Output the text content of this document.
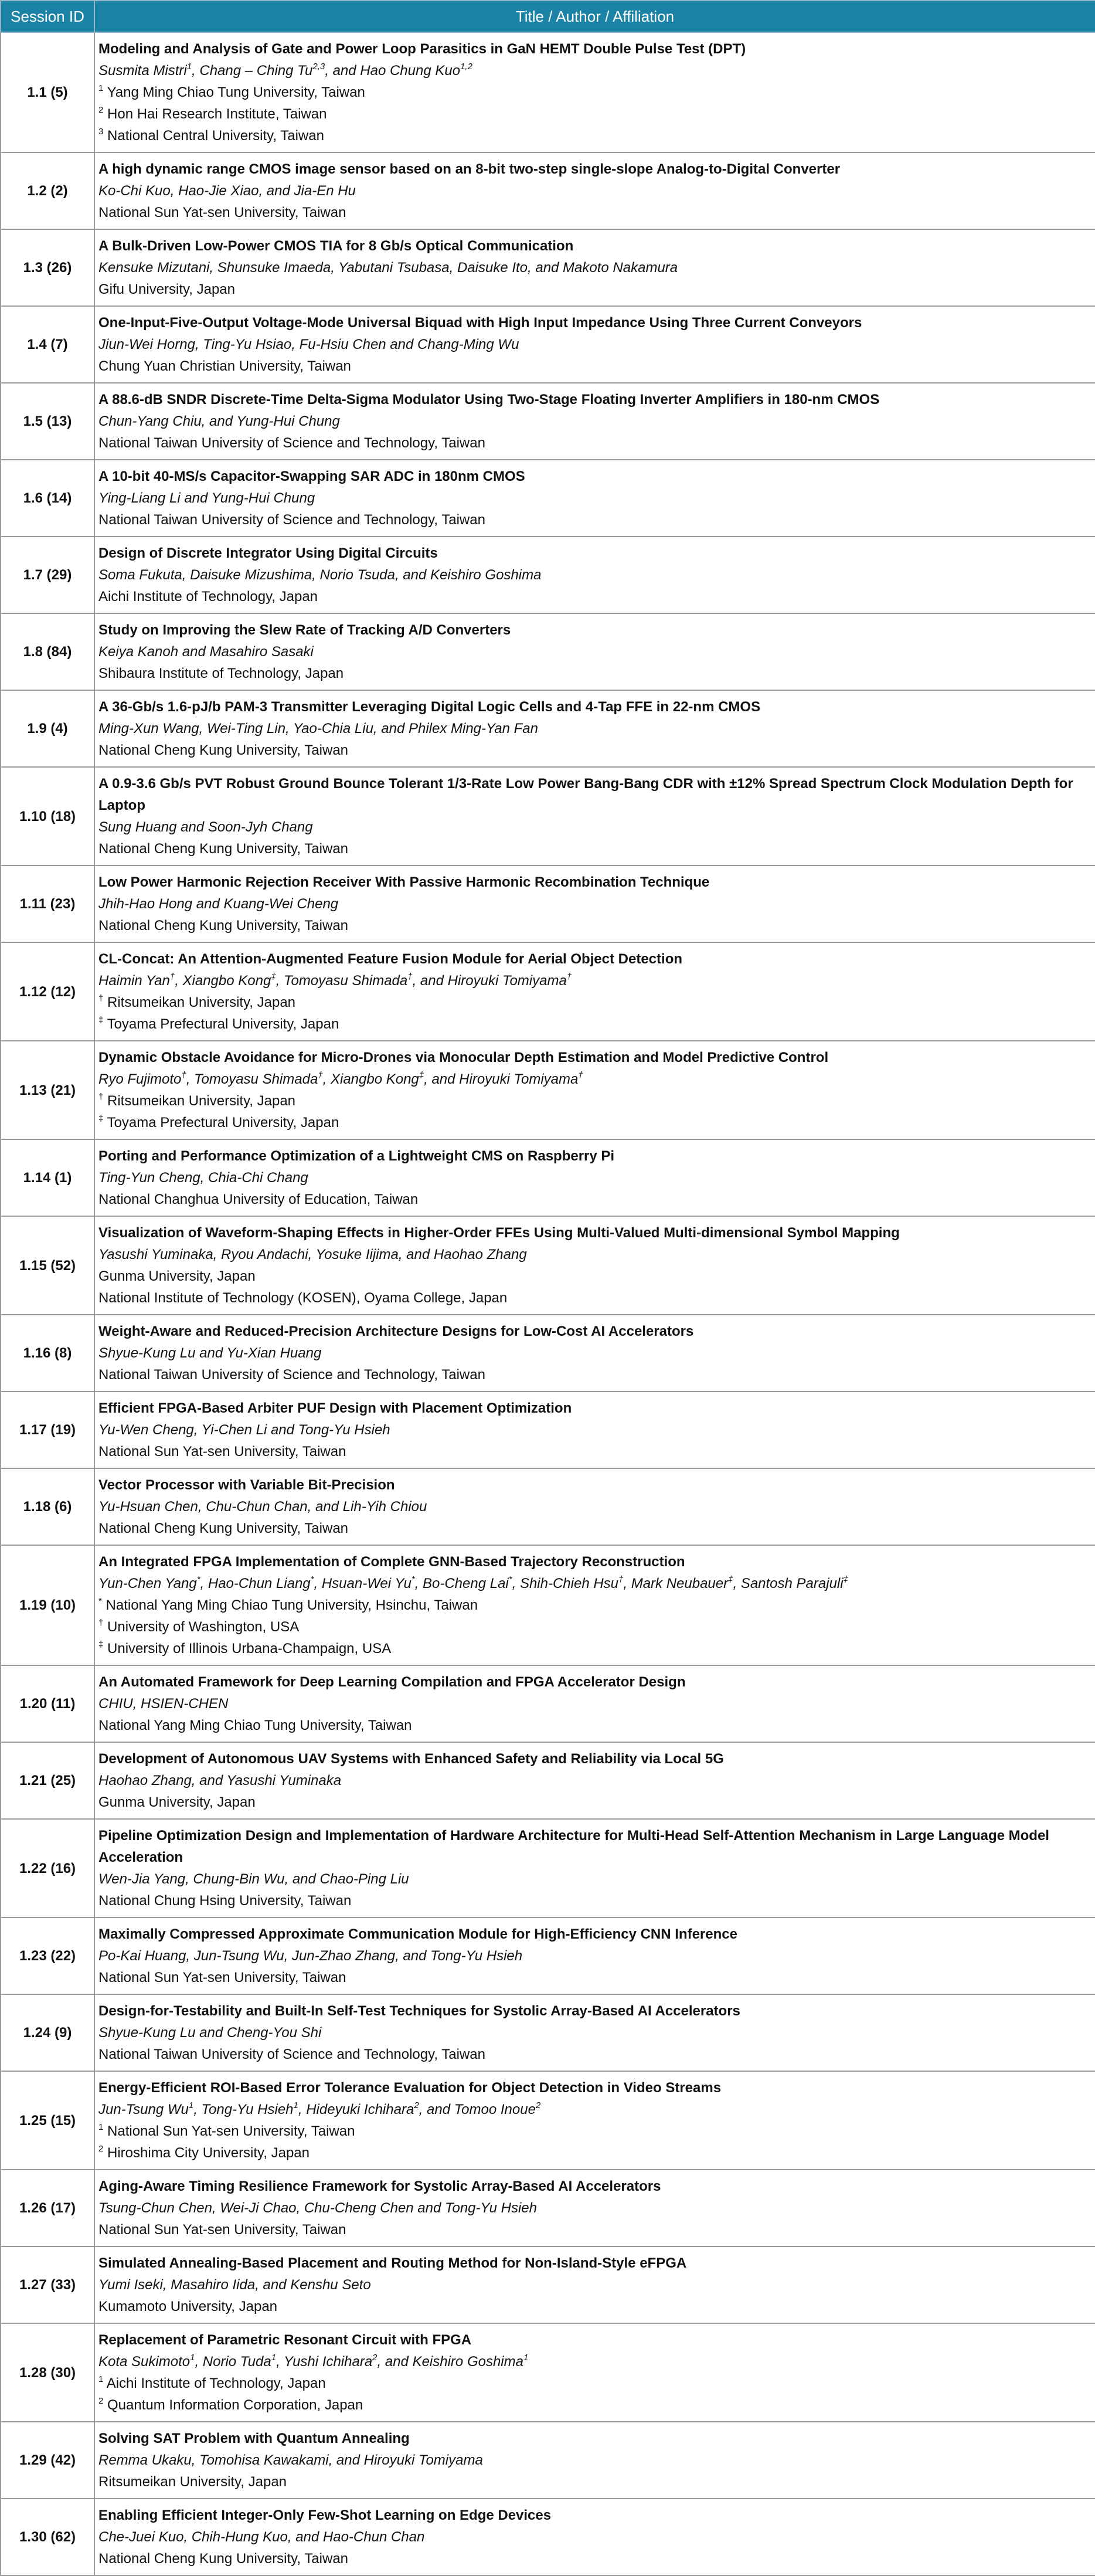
Session ID	Title / Author / Affiliation
1.1 (5)	Modeling and Analysis of Gate and Power Loop Parasitics in GaN HEMT Double Pulse Test (DPT)
Susmita Mistri$^1$, Chang – Ching Tu$^{2,3}$, and Hao Chung Kuo$^{1,2}$
$^1$ Yang Ming Chiao Tung University, Taiwan
$^2$ Hon Hai Research Institute, Taiwan
$^3$ National Central University, Taiwan

1.2 (2)	A high dynamic range CMOS image sensor based on an 8-bit two-step single-slope Analog-to-Digital Converter
Ko-Chi Kuo, Hao-Jie Xiao, and Jia-En Hu
National Sun Yat-sen University, Taiwan

1.3 (26)	A Bulk-Driven Low-Power CMOS TIA for 8 Gb/s Optical Communication
Kensuke Mizutani, Shunsuke Imaeda, Yabutani Tsubasa, Daisuke Ito, and Makoto Nakamura
Gifu University, Japan

1.4 (7)	One-Input-Five-Output Voltage-Mode Universal Biquad with High Input Impedance Using Three Current Conveyors
Jiun-Wei Horng, Ting-Yu Hsiao, Fu-Hsiu Chen and Chang-Ming Wu
Chung Yuan Christian University, Taiwan

1.5 (13)	A 88.6-dB SNDR Discrete-Time Delta-Sigma Modulator Using Two-Stage Floating Inverter Amplifiers in 180-nm CMOS
Chun-Yang Chiu, and Yung-Hui Chung
National Taiwan University of Science and Technology, Taiwan

1.6 (14)	A 10-bit 40-MS/s Capacitor-Swapping SAR ADC in 180nm CMOS
Ying-Liang Li and Yung-Hui Chung
National Taiwan University of Science and Technology, Taiwan

1.7 (29)	Design of Discrete Integrator Using Digital Circuits
Soma Fukuta, Daisuke Mizushima, Norio Tsuda, and Keishiro Goshima
Aichi Institute of Technology, Japan

1.8 (84)	Study on Improving the Slew Rate of Tracking A/D Converters
Keiya Kanoh and Masahiro Sasaki
Shibaura Institute of Technology, Japan

1.9 (4)	A 36-Gb/s 1.6-pJ/b PAM-3 Transmitter Leveraging Digital Logic Cells and 4-Tap FFE in 22-nm CMOS
Ming-Xun Wang, Wei-Ting Lin, Yao-Chia Liu, and Philex Ming-Yan Fan
National Cheng Kung University, Taiwan

1.10 (18)	A 0.9-3.6 Gb/s PVT Robust Ground Bounce Tolerant 1/3-Rate Low Power Bang-Bang CDR with ±12% Spread Spectrum Clock Modulation Depth for Laptop
Sung Huang and Soon-Jyh Chang
National Cheng Kung University, Taiwan

1.11 (23)	Low Power Harmonic Rejection Receiver With Passive Harmonic Recombination Technique
Jhih-Hao Hong and Kuang-Wei Cheng
National Cheng Kung University, Taiwan

1.12 (12)	CL-Concat: An Attention-Augmented Feature Fusion Module for Aerial Object Detection
Haimin Yan†, Xiangbo Kong‡, Tomoyasu Shimada†, and Hiroyuki Tomiyama†
† Ritsumeikan University, Japan
‡ Toyama Prefectural University, Japan

1.13 (21)	Dynamic Obstacle Avoidance for Micro-Drones via Monocular Depth Estimation and Model Predictive Control
Ryo Fujimoto†, Tomoyasu Shimada†, Xiangbo Kong‡, and Hiroyuki Tomiyama†
† Ritsumeikan University, Japan
‡ Toyama Prefectural University, Japan

1.14 (1)	Porting and Performance Optimization of a Lightweight CMS on Raspberry Pi
Ting-Yun Cheng, Chia-Chi Chang
National Changhua University of Education, Taiwan

1.15 (52)	Visualization of Waveform-Shaping Effects in Higher-Order FFEs Using Multi-Valued Multi-dimensional Symbol Mapping
Yasushi Yuminaka, Ryou Andachi, Yosuke Iijima, and Haohao Zhang
Gunma University, Japan
National Institute of Technology (KOSEN), Oyama College, Japan

1.16 (8)	Weight-Aware and Reduced-Precision Architecture Designs for Low-Cost AI Accelerators
Shyue-Kung Lu and Yu-Xian Huang
National Taiwan University of Science and Technology, Taiwan

1.17 (19)	Efficient FPGA-Based Arbiter PUF Design with Placement Optimization
Yu-Wen Cheng, Yi-Chen Li and Tong-Yu Hsieh
National Sun Yat-sen University, Taiwan

1.18 (6)	Vector Processor with Variable Bit-Precision
Yu-Hsuan Chen, Chu-Chun Chan, and Lih-Yih Chiou
National Cheng Kung University, Taiwan

1.19 (10)	An Integrated FPGA Implementation of Complete GNN-Based Trajectory Reconstruction
Yun-Chen Yang*, Hao-Chun Liang*, Hsuan-Wei Yu*, Bo-Cheng Lai*, Shih-Chieh Hsu†, Mark Neubauer‡, Santosh Parajuli‡
* National Yang Ming Chiao Tung University, Hsinchu, Taiwan
† University of Washington, USA
‡ University of Illinois Urbana-Champaign, USA

1.20 (11)	An Automated Framework for Deep Learning Compilation and FPGA Accelerator Design
CHIU, HSIEN-CHEN
National Yang Ming Chiao Tung University, Taiwan

1.21 (25)	Development of Autonomous UAV Systems with Enhanced Safety and Reliability via Local 5G
Haohao Zhang, and Yasushi Yuminaka
Gunma University, Japan

1.22 (16)	Pipeline Optimization Design and Implementation of Hardware Architecture for Multi-Head Self-Attention Mechanism in Large Language Model Acceleration
Wen-Jia Yang, Chung-Bin Wu, and Chao-Ping Liu
National Chung Hsing University, Taiwan

1.23 (22)	Maximally Compressed Approximate Communication Module for High-Efficiency CNN Inference
Po-Kai Huang, Jun-Tsung Wu, Jun-Zhao Zhang, and Tong-Yu Hsieh
National Sun Yat-sen University, Taiwan

1.24 (9)	Design-for-Testability and Built-In Self-Test Techniques for Systolic Array-Based AI Accelerators
Shyue-Kung Lu and Cheng-You Shi
National Taiwan University of Science and Technology, Taiwan

1.25 (15)	Energy-Efficient ROI-Based Error Tolerance Evaluation for Object Detection in Video Streams
Jun-Tsung Wu$^1$, Tong-Yu Hsieh$^1$, Hideyuki Ichihara$^2$, and Tomoo Inoue$^2$
$^1$ National Sun Yat-sen University, Taiwan
$^2$ Hiroshima City University, Japan

1.26 (17)	Aging-Aware Timing Resilience Framework for Systolic Array-Based AI Accelerators
Tsung-Chun Chen, Wei-Ji Chao, Chu-Cheng Chen and Tong-Yu Hsieh
National Sun Yat-sen University, Taiwan

1.27 (33)	Simulated Annealing-Based Placement and Routing Method for Non-Island-Style eFPGA
Yumi Iseki, Masahiro Iida, and Kenshu Seto
Kumamoto University, Japan

1.28 (30)	Replacement of Parametric Resonant Circuit with FPGA
Kota Sukimoto$^1$, Norio Tuda$^1$, Yushi Ichihara$^2$, and Keishiro Goshima$^1$
$^1$ Aichi Institute of Technology, Japan
$^2$ Quantum Information Corporation, Japan

1.29 (42)	Solving SAT Problem with Quantum Annealing
Remma Ukaku, Tomohisa Kawakami, and Hiroyuki Tomiyama
Ritsumeikan University, Japan

1.30 (62)	Enabling Efficient Integer-Only Few-Shot Learning on Edge Devices
Che-Juei Kuo, Chih-Hung Kuo, and Hao-Chun Chan
National Cheng Kung University, Taiwan
